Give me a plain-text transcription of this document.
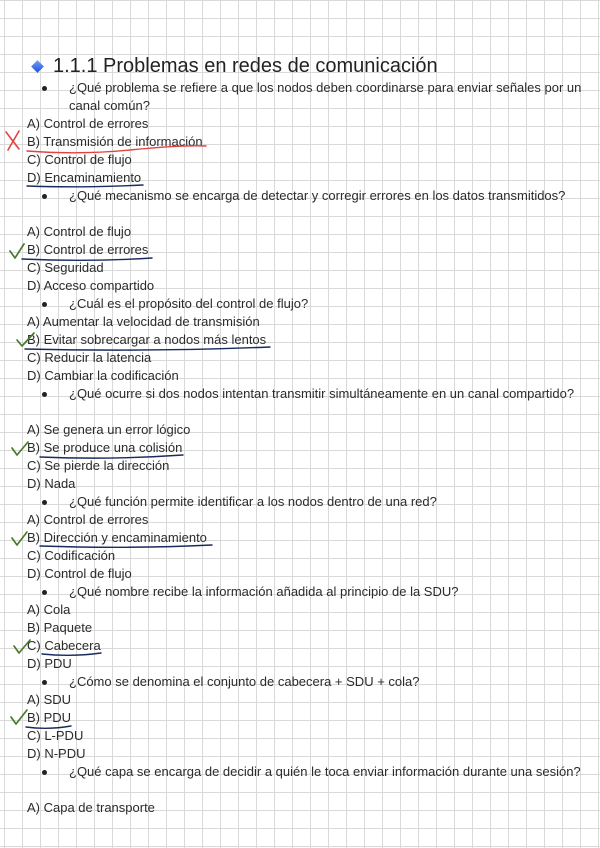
1.1.1 Problemas en redes de comunicación
¿Qué problema se refiere a que los nodos deben coordinarse para enviar señales por un canal común?
A) Control de errores
B) Transmisión de información
C) Control de flujo
D) Encaminamiento
¿Qué mecanismo se encarga de detectar y corregir errores en los datos transmitidos?
A) Control de flujo
B) Control de errores
C) Seguridad
D) Acceso compartido
¿Cuál es el propósito del control de flujo?
A) Aumentar la velocidad de transmisión
B) Evitar sobrecargar a nodos más lentos
C) Reducir la latencia
D) Cambiar la codificación
¿Qué ocurre si dos nodos intentan transmitir simultáneamente en un canal compartido?
A) Se genera un error lógico
B) Se produce una colisión
C) Se pierde la dirección
D) Nada
¿Qué función permite identificar a los nodos dentro de una red?
A) Control de errores
B) Dirección y encaminamiento
C) Codificación
D) Control de flujo
¿Qué nombre recibe la información añadida al principio de la SDU?
A) Cola
B) Paquete
C) Cabecera
D) PDU
¿Cómo se denomina el conjunto de cabecera + SDU + cola?
A) SDU
B) PDU
C) L-PDU
D) N-PDU
¿Qué capa se encarga de decidir a quién le toca enviar información durante una sesión?
A) Capa de transporte
